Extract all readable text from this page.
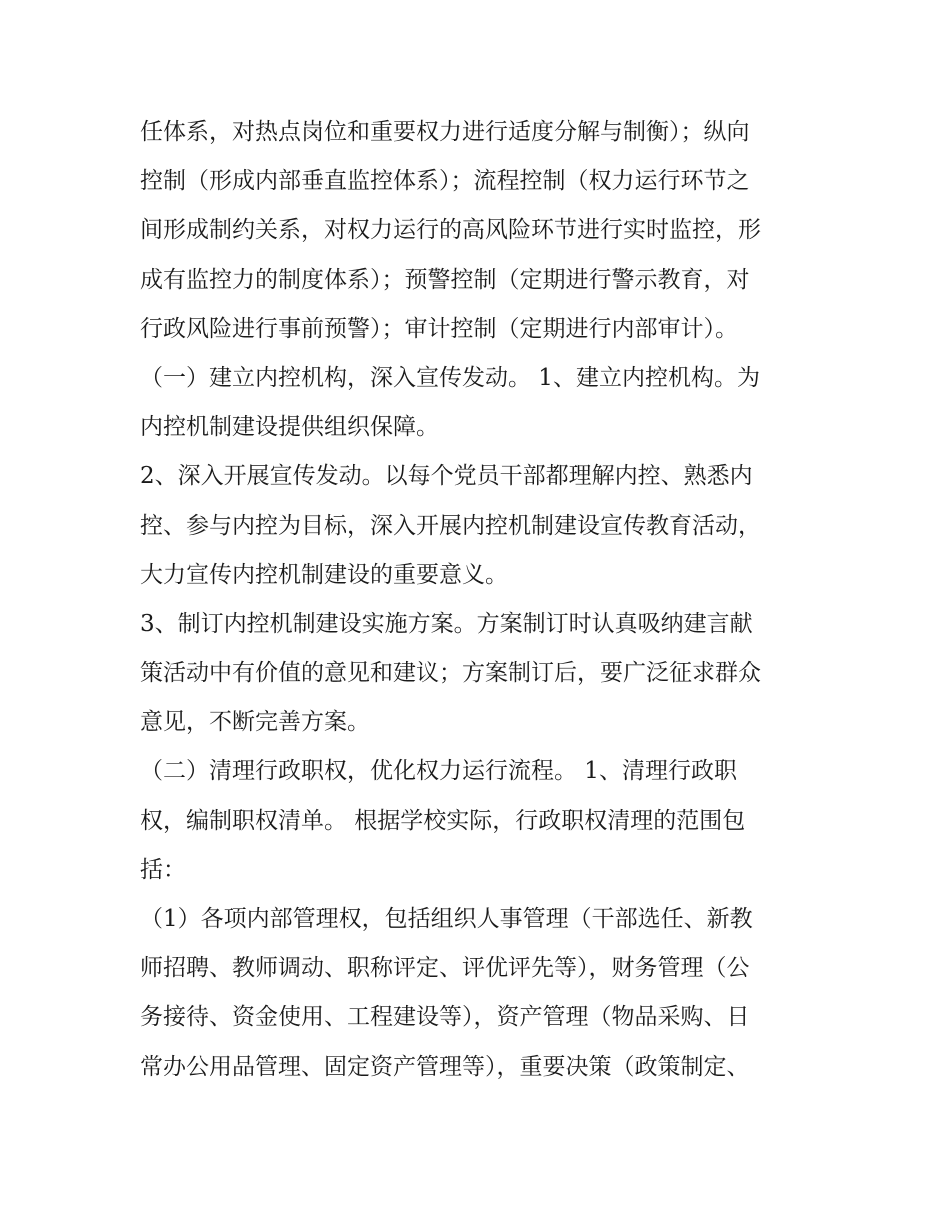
任体系，对热点岗位和重要权力进行适度分解与制衡）；纵向
控制（形成内部垂直监控体系）；流程控制（权力运行环节之
间形成制约关系，对权力运行的高风险环节进行实时监控，形
成有监控力的制度体系）；预警控制（定期进行警示教育，对
行政风险进行事前预警）；审计控制（定期进行内部审计）。
（一）建立内控机构，深入宣传发动。 1、建立内控机构。为
内控机制建设提供组织保障。
2、深入开展宣传发动。以每个党员干部都理解内控、熟悉内
控、参与内控为目标，深入开展内控机制建设宣传教育活动，
大力宣传内控机制建设的重要意义。
3、制订内控机制建设实施方案。方案制订时认真吸纳建言献
策活动中有价值的意见和建议；方案制订后，要广泛征求群众
意见，不断完善方案。
（二）清理行政职权，优化权力运行流程。 1、清理行政职
权，编制职权清单。 根据学校实际，行政职权清理的范围包
括：
（1）各项内部管理权，包括组织人事管理（干部选任、新教
师招聘、教师调动、职称评定、评优评先等），财务管理（公
务接待、资金使用、工程建设等），资产管理（物品采购、日
常办公用品管理、固定资产管理等），重要决策（政策制定、
